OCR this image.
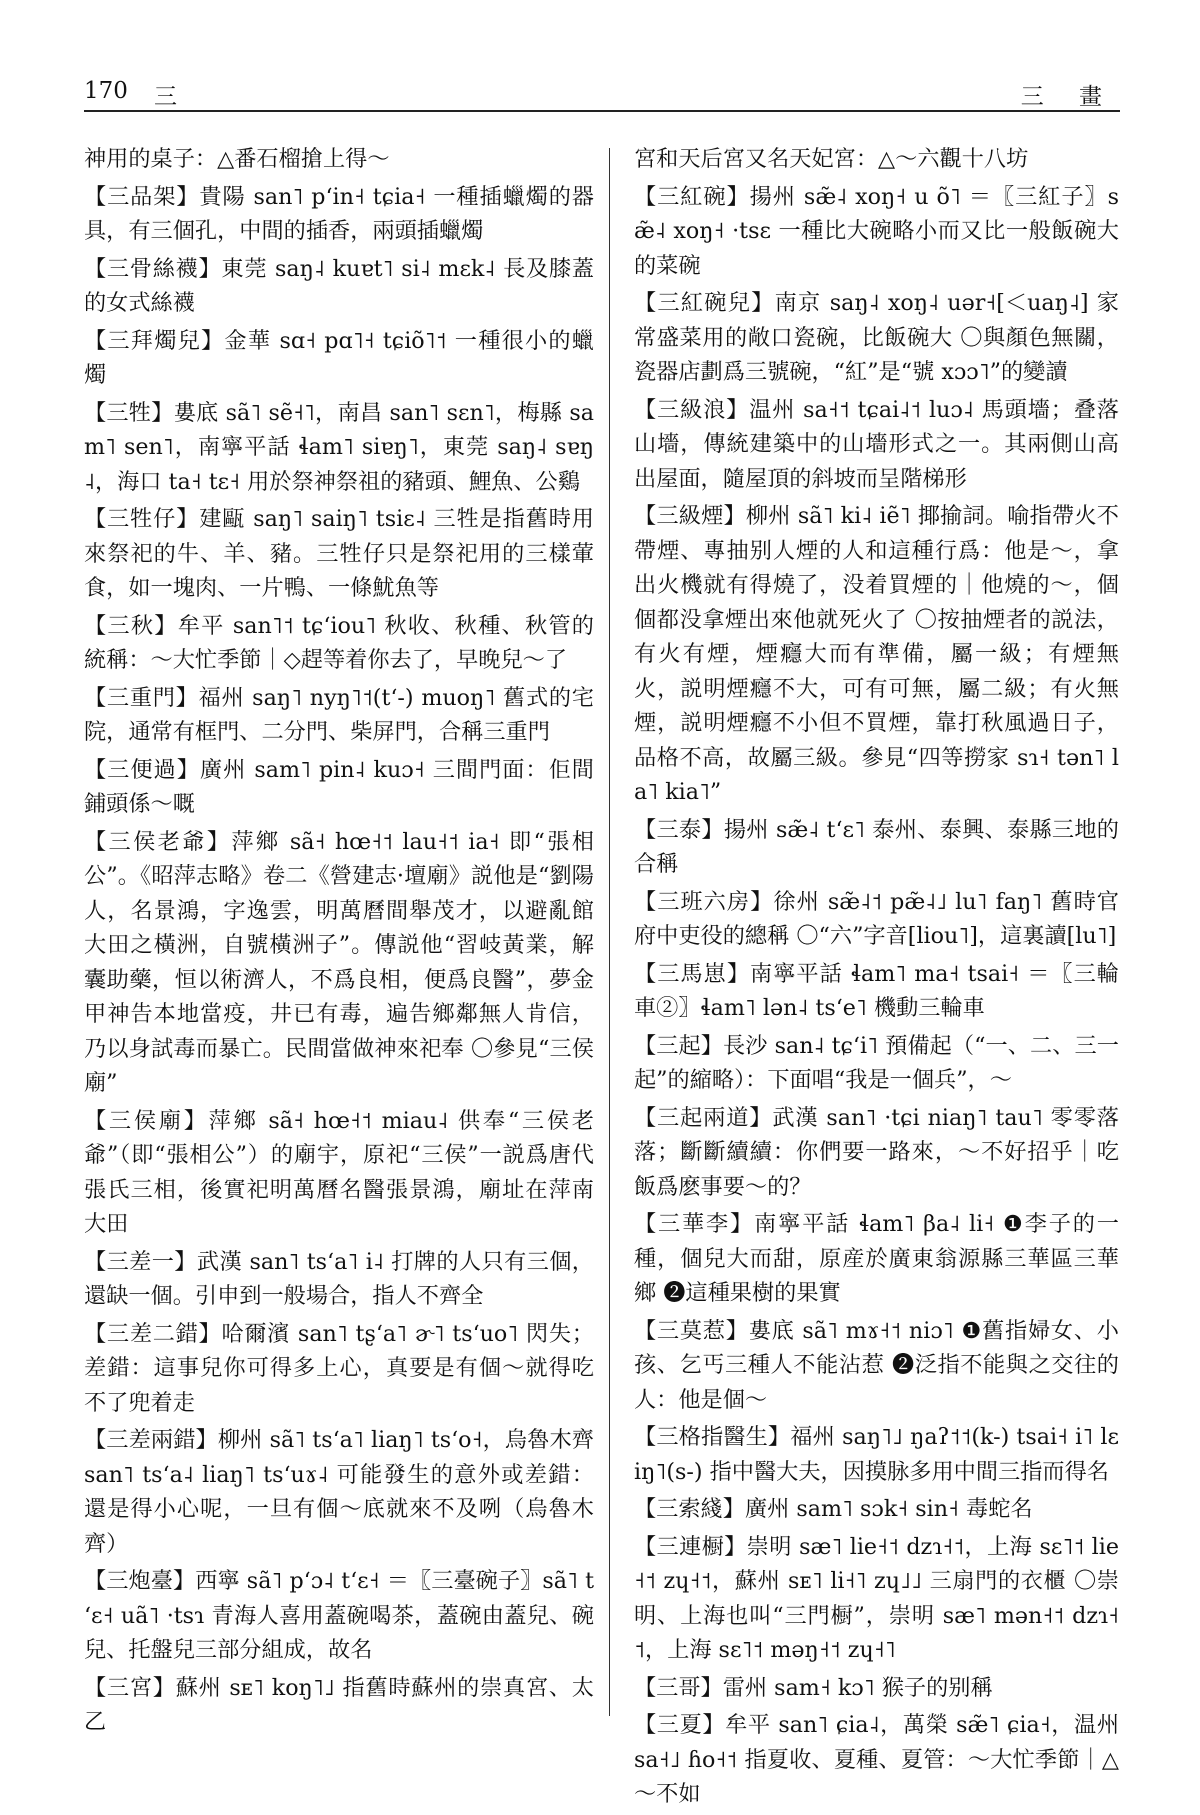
170 三	三 畫

神用的桌子：△番石榴搶上得～

【三品架】貴陽 san˥ pʻin˧ tɕia˧ 一種插蠟燭的器具，有三個孔，中間的插香，兩頭插蠟燭

【三骨絲襪】東莞 saŋ˨ kuɐt˥ si˨ mɛk˨ 長及膝蓋的女式絲襪

【三拜燭兒】金華 sɑ˧ pɑ˥˧ tɕiõ˥˦ 一種很小的蠟燭

【三牲】婁底 sã˥ sẽ˧˥，南昌 san˥ sɛn˥，梅縣 sam˥ sen˥，南寧平話 ɬam˥ siɐŋ˥，東莞 saŋ˨ sɐŋ˨，海口 ta˧ tɛ˧ 用於祭神祭祖的豬頭、鯉魚、公鷄

【三牲仔】建甌 saŋ˥ saiŋ˥ tsiɛ˨ 三牲是指舊時用來祭祀的牛、羊、豬。三牲仔只是祭祀用的三樣葷食，如一塊肉、一片鴨、一條魷魚等

【三秋】牟平 san˥˦ tɕʻiou˥ 秋收、秋種、秋管的統稱：～大忙季節｜◇趕等着你去了，早晚兒～了

【三重門】福州 saŋ˥ nyŋ˥˦(tʻ-) muoŋ˥ 舊式的宅院，通常有框門、二分門、柴屏門，合稱三重門

【三便過】廣州 sam˥ pin˨ kuɔ˧ 三間門面：佢間鋪頭係～嘅

【三侯老爺】萍鄉 sã˧ hœ˧˦ lau˧˦ ia˧ 即“張相公”。《昭萍志略》卷二《營建志·壇廟》説他是“劉陽人，名景鴻，字逸雲，明萬曆間舉茂才，以避亂館大田之橫洲，自號橫洲子”。傳説他“習岐黃業，解囊助藥，恒以術濟人，不爲良相，便爲良醫”，夢金甲神告本地當疫，井已有毒，遍告鄉鄰無人肯信，乃以身試毒而暴亡。民間當做神來祀奉 〇參見“三侯廟”

【三侯廟】萍鄉 sã˧ hœ˧˦ miau˨ 供奉“三侯老爺”（即“張相公”）的廟宇，原祀“三侯”一説爲唐代張氏三相，後實祀明萬曆名醫張景鴻，廟址在萍南大田

【三差一】武漢 san˥ tsʻa˥ i˨ 打牌的人只有三個，還缺一個。引申到一般場合，指人不齊全

【三差二錯】哈爾濱 san˥ tʂʻa˥ ɚ˥ tsʻuo˥ 閃失；差錯：這事兒你可得多上心，真要是有個～就得吃不了兜着走

【三差兩錯】柳州 sã˥ tsʻa˥ liaŋ˥ tsʻo˧，烏魯木齊 san˥ tsʻa˨ liaŋ˥ tsʻuɤ˨ 可能發生的意外或差錯：還是得小心呢，一旦有個～底就來不及咧（烏魯木齊）

【三炮臺】西寧 sã˥ pʻɔ˨ tʻɛ˧ ＝〖三臺碗子〗sã˥ tʻɛ˧ uã˥ ·tsɿ 青海人喜用蓋碗喝茶，蓋碗由蓋兒、碗兒、托盤兒三部分組成，故名

【三宮】蘇州 sᴇ˥ koŋ˥˩ 指舊時蘇州的崇真宮、太乙

宮和天后宮又名天妃宮：△～六觀十八坊

【三紅碗】揚州 sæ̃˨ xoŋ˧ u õ˥ ＝〖三紅子〗sæ̃˨ xoŋ˧ ·tsɛ 一種比大碗略小而又比一般飯碗大的菜碗

【三紅碗兒】南京 saŋ˨ xoŋ˨ uər˧[＜uaŋ˨] 家常盛菜用的敞口瓷碗，比飯碗大 〇與顏色無關，瓷器店劃爲三號碗，“紅”是“號 xɔɔ˥”的變讀

【三級浪】温州 sa˧˦ tɕai˨˦ luɔ˨ 馬頭墻；叠落山墻，傳統建築中的山墻形式之一。其兩側山高出屋面，隨屋頂的斜坡而呈階梯形

【三級煙】柳州 sã˥ ki˨ iẽ˥ 揶揄詞。喻指帶火不帶煙、專抽别人煙的人和這種行爲：他是～，拿出火機就有得燒了，没着買煙的｜他燒的～，個個都没拿煙出來他就死火了 〇按抽煙者的説法，有火有煙，煙癮大而有準備，屬一級；有煙無火，説明煙癮不大，可有可無，屬二級；有火無煙，説明煙癮不小但不買煙，靠打秋風過日子，品格不高，故屬三級。參見“四等撈家 sɿ˧ tən˥ la˥ kia˥”

【三泰】揚州 sæ̃˨ tʻɛ˥ 泰州、泰興、泰縣三地的合稱

【三班六房】徐州 sæ̃˨˦ pæ̃˨˩ lu˥ faŋ˥ 舊時官府中吏役的總稱 〇“六”字音[liou˥]，這裏讀[lu˥]

【三馬崽】南寧平話 ɬam˥ ma˧ tsai˧ ＝〖三輪車②〗ɬam˥ lən˨ tsʻe˥ 機動三輪車

【三起】長沙 san˨ tɕʻi˥ 預備起（“一、二、三一起”的縮略）：下面唱“我是一個兵”，～

【三起兩道】武漢 san˥ ·tɕi niaŋ˥ tau˥ 零零落落；斷斷續續：你們要一路來，～不好招乎｜吃飯爲麽事要～的？

【三華李】南寧平話 ɬam˥ βa˨ li˧ ❶李子的一種，個兒大而甜，原産於廣東翁源縣三華區三華鄉 ❷這種果樹的果實

【三莫惹】婁底 sã˥ mɤ˧˦ niɔ˥ ❶舊指婦女、小孩、乞丐三種人不能沾惹 ❷泛指不能與之交往的人：他是個～

【三格指醫生】福州 saŋ˥˩ ŋaʔ˦˦(k-) tsai˧ i˥ lɛiŋ˥(s-) 指中醫大夫，因摸脉多用中間三指而得名

【三索綫】廣州 sam˥ sɔk˧ sin˧ 毒蛇名

【三連橱】崇明 sæ˥ lie˧˦ dzɿ˧˦，上海 sɛ˥˦ lie˧˦ zɥ˧˦，蘇州 sᴇ˥ li˧˥ zɥ˩˩ 三扇門的衣櫃 〇崇明、上海也叫“三門橱”，崇明 sæ˥ mən˧˦ dzɿ˧˦，上海 sɛ˥˦ məŋ˧˦ zɥ˧˥

【三哥】雷州 sam˧ kɔ˥ 猴子的别稱

【三夏】牟平 san˥ ɕia˨，萬榮 sæ̃˥ ɕia˧，温州 sa˧˩ ɦo˧˦ 指夏收、夏種、夏管：～大忙季節｜△～不如
